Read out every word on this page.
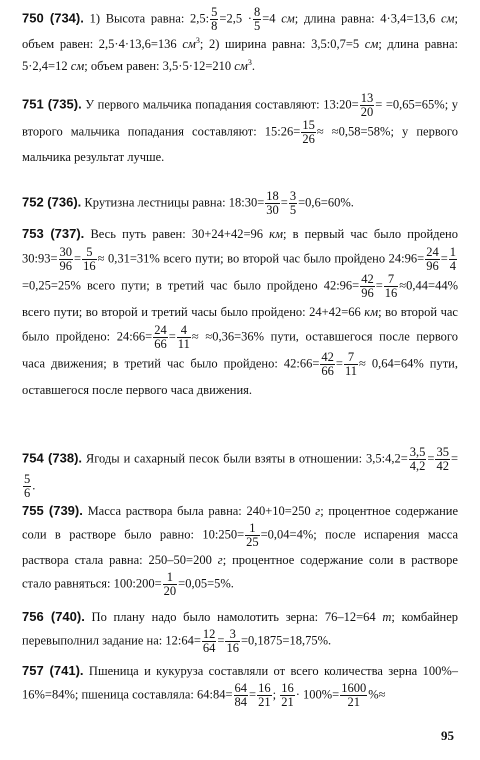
750 (734). 1) Высота равна: 2,5: $\frac{5}{8} =2,5 \cdot \frac{8}{5} =4$ см; длина равна: 4·3,4=13,6 см; объем равен: 2,5·4·13,6=136 $см^3$; 2) ширина равна: 3,5:0,7=5 см; длина равна: 5·2,4=12 см; объем равен: 3,5·5·12=210 $см^3$.
751 (735). У первого мальчика попадания составляют: 13:20= $\frac{13}{20} = =0,65=65\%$; у второго мальчика попадания составляют: 15:26= $\frac{15}{26} \approx \approx 0,58=58\%$; у первого мальчика результат лучше.
752 (736). Крутизна лестницы равна: 18:30= $\frac{18}{30} = \frac{3}{5} =0,6=60\%$.
753 (737). Весь путь равен: 30+24+42=96 км; в первый час было пройдено 30:93= $\frac{30}{96} = \frac{5}{16} \approx 0,31=31\%$ всего пути; во второй час было пройдено 24:96= $\frac{24}{96} = \frac{1}{4}$
=0,25=25% всего пути; в третий час было пройдено 42:96= $\frac{42}{96} = \frac{7}{16} \approx 0,44=44\%$ всего пути; во второй и третий часы было пройдено: 24+42=66 км; во второй час было пройдено: 24:66= $\frac{24}{66} = \frac{4}{11} \approx \approx 0,36=36\%$ пути, оставшегося после первого часа движения; в третий час было пройдено: 42:66= $\frac{42}{66} = \frac{7}{11} \approx 0,64=64\%$ пути, оставшегося после первого часа движения.
754 (738). Ягоды и сахарный песок были взяты в отношении: 3,5:4,2= $\frac{3,5}{4,2} = \frac{35}{42}$ =
$\frac{5}{6}$ .
755 (739). Масса раствора была равна: 240+10=250 г; процентное содержание соли в растворе было равно: 10:250= $\frac{1}{25} =0,04=4\%$; после испарения масса раствора стала равна: 250–50=200 г; процентное содержание соли в растворе стало равняться: 100:200= $\frac{1}{20} =0,05=5\%$.
756 (740). По плану надо было намолотить зерна: 76–12=64 т; комбайнер перевыполнил задание на: 12:64= $\frac{12}{64} = \frac{3}{16} =0,1875=18,75\%$.
757 (741). Пшеница и кукуруза составляли от всего количества зерна 100%–16%=84%; пшеница составляла: 64:84= $\frac{64}{84} = \frac{16}{21}$ ; $\frac{16}{21} \cdot 100\%= \frac{1600}{21}$ %≈
95
